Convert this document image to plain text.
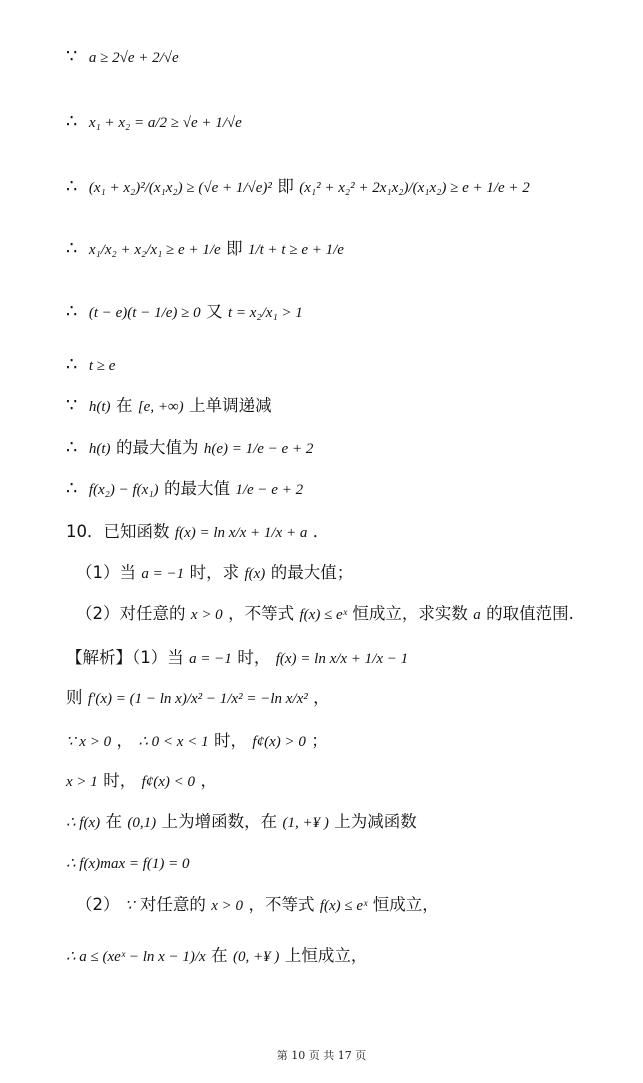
∵ a ≥ 2√e + 2/√e
∴ x₁ + x₂ = a/2 ≥ √e + 1/√e
∴ (x₁ + x₂)²/(x₁x₂) ≥ (√e + 1/√e)² 即 (x₁² + x₂² + 2x₁x₂)/(x₁x₂) ≥ e + 1/e + 2
∴ x₁/x₂ + x₂/x₁ ≥ e + 1/e 即 1/t + t ≥ e + 1/e
∴ (t − e)(t − 1/e) ≥ 0 又 t = x₂/x₁ > 1
∴ t ≥ e
∵ h(t) 在 [e, +∞) 上单调递减
∴ h(t) 的最大值为 h(e) = 1/e − e + 2
∴ f(x₂) − f(x₁) 的最大值 1/e − e + 2
10．已知函数 f(x) = ln x/x + 1/x + a ．
（1）当 a = −1 时，求 f(x) 的最大值；
（2）对任意的 x > 0 ，不等式 f(x) ≤ eˣ 恒成立，求实数 a 的取值范围.
【解析】（1）当 a = −1 时， f(x) = ln x/x + 1/x − 1
则 f′(x) = (1 − ln x)/x² − 1/x² = −ln x/x² ，
∵ x > 0 ， ∴ 0 < x < 1 时， f¢(x) > 0 ；
x > 1 时， f¢(x) < 0 ，
∴ f(x) 在 (0,1) 上为增函数，在 (1, +¥ ) 上为减函数
∴ f(x)max = f(1) = 0
（2） ∵ 对任意的 x > 0 ，不等式 f(x) ≤ eˣ 恒成立，
∴ a ≤ (xeˣ − ln x − 1)/x 在 (0, +¥ ) 上恒成立，
第 10 页 共 17 页
